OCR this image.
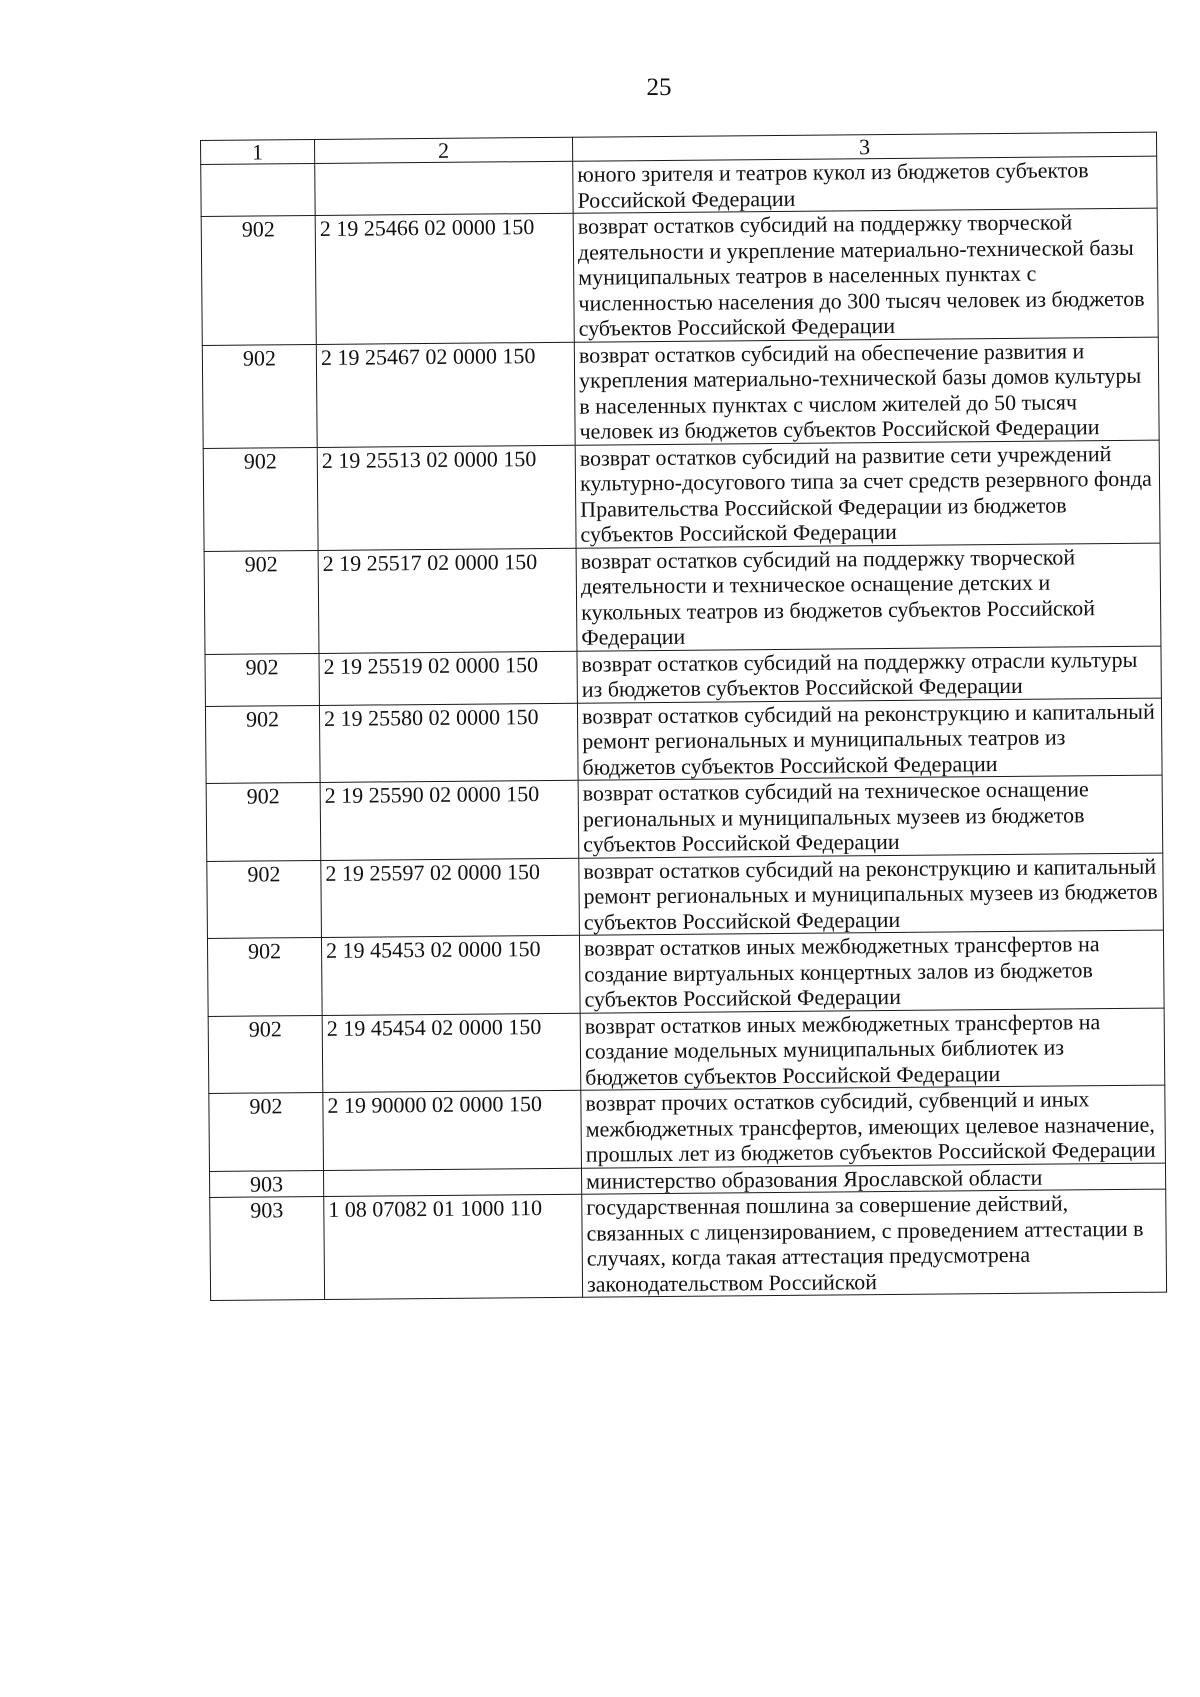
25
1	2	3
		юного зрителя и театров кукол из бюджетов субъектов Российской Федерации
902	2 19 25466 02 0000 150	возврат остатков субсидий на поддержку творческой деятельности и укрепление материально-технической базы муниципальных театров в населенных пунктах с численностью населения до 300 тысяч человек из бюджетов субъектов Российской Федерации
902	2 19 25467 02 0000 150	возврат остатков субсидий на обеспечение развития и укрепления материально-технической базы домов культуры в населенных пунктах с числом жителей до 50 тысяч человек из бюджетов субъектов Российской Федерации
902	2 19 25513 02 0000 150	возврат остатков субсидий на развитие сети учреждений культурно-досугового типа за счет средств резервного фонда Правительства Российской Федерации из бюджетов субъектов Российской Федерации
902	2 19 25517 02 0000 150	возврат остатков субсидий на поддержку творческой деятельности и техническое оснащение детских и кукольных театров из бюджетов субъектов Российской Федерации
902	2 19 25519 02 0000 150	возврат остатков субсидий на поддержку отрасли культуры из бюджетов субъектов Российской Федерации
902	2 19 25580 02 0000 150	возврат остатков субсидий на реконструкцию и капитальный ремонт региональных и муниципальных театров из бюджетов субъектов Российской Федерации
902	2 19 25590 02 0000 150	возврат остатков субсидий на техническое оснащение региональных и муниципальных музеев из бюджетов субъектов Российской Федерации
902	2 19 25597 02 0000 150	возврат остатков субсидий на реконструкцию и капитальный ремонт региональных и муниципальных музеев из бюджетов субъектов Российской Федерации
902	2 19 45453 02 0000 150	возврат остатков иных межбюджетных трансфертов на создание виртуальных концертных залов из бюджетов субъектов Российской Федерации
902	2 19 45454 02 0000 150	возврат остатков иных межбюджетных трансфертов на создание модельных муниципальных библиотек из бюджетов субъектов Российской Федерации
902	2 19 90000 02 0000 150	возврат прочих остатков субсидий, субвенций и иных межбюджетных трансфертов, имеющих целевое назначение, прошлых лет из бюджетов субъектов Российской Федерации
903		министерство образования Ярославской области
903	1 08 07082 01 1000 110	государственная пошлина за совершение действий, связанных с лицензированием, с проведением аттестации в случаях, когда такая аттестация предусмотрена законодательством Российской
